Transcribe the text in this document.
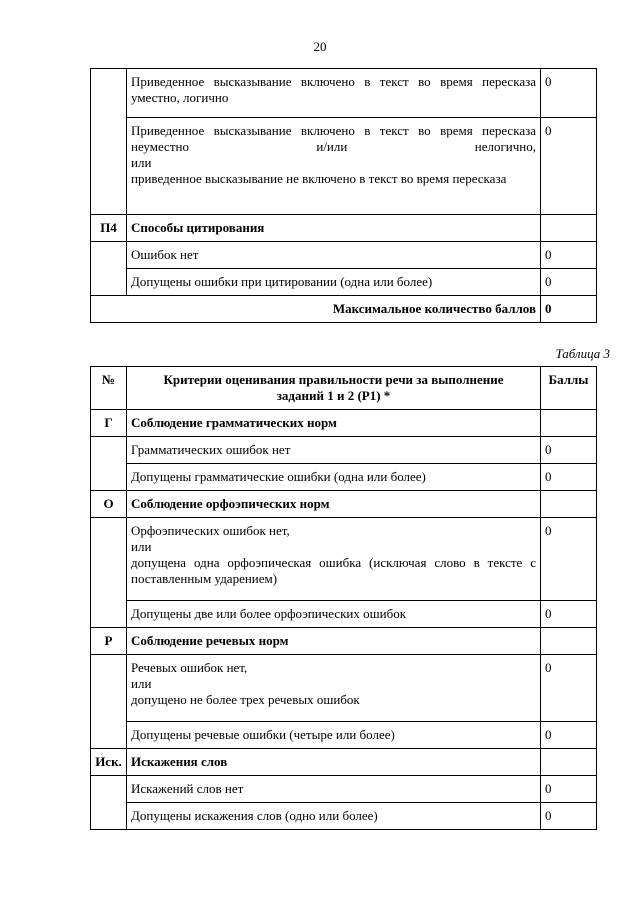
20
	Приведенное высказывание включено в текст во время пересказа уместно, логично	0

	Приведенное высказывание включено в текст во время пересказа неуместно и/или нелогично,
или
приведенное высказывание не включено в текст во время пересказа	0
П4	Способы цитирования	
	Ошибок нет	0
	Допущены ошибки при цитировании (одна или более)	0
Максимальное количество баллов		0
Таблица 3
№	Критерии оценивания правильности речи за выполнение заданий 1 и 2 (Р1) *	Баллы
Г	Соблюдение грамматических норм	

	Грамматических ошибок нет	0

	Допущены грамматические ошибки (одна или более)	0
О	Соблюдение орфоэпических норм	

	Орфоэпических ошибок нет,
или
допущена одна орфоэпическая ошибка (исключая слово в тексте с поставленным ударением)	0

	Допущены две или более орфоэпических ошибок	0
Р	Соблюдение речевых норм	

	Речевых ошибок нет,
или
допущено не более трех речевых ошибок	0

	Допущены речевые ошибки (четыре или более)	0
Иск.	Искажения слов	

	Искажений слов нет	0

	Допущены искажения слов (одно или более)	0
